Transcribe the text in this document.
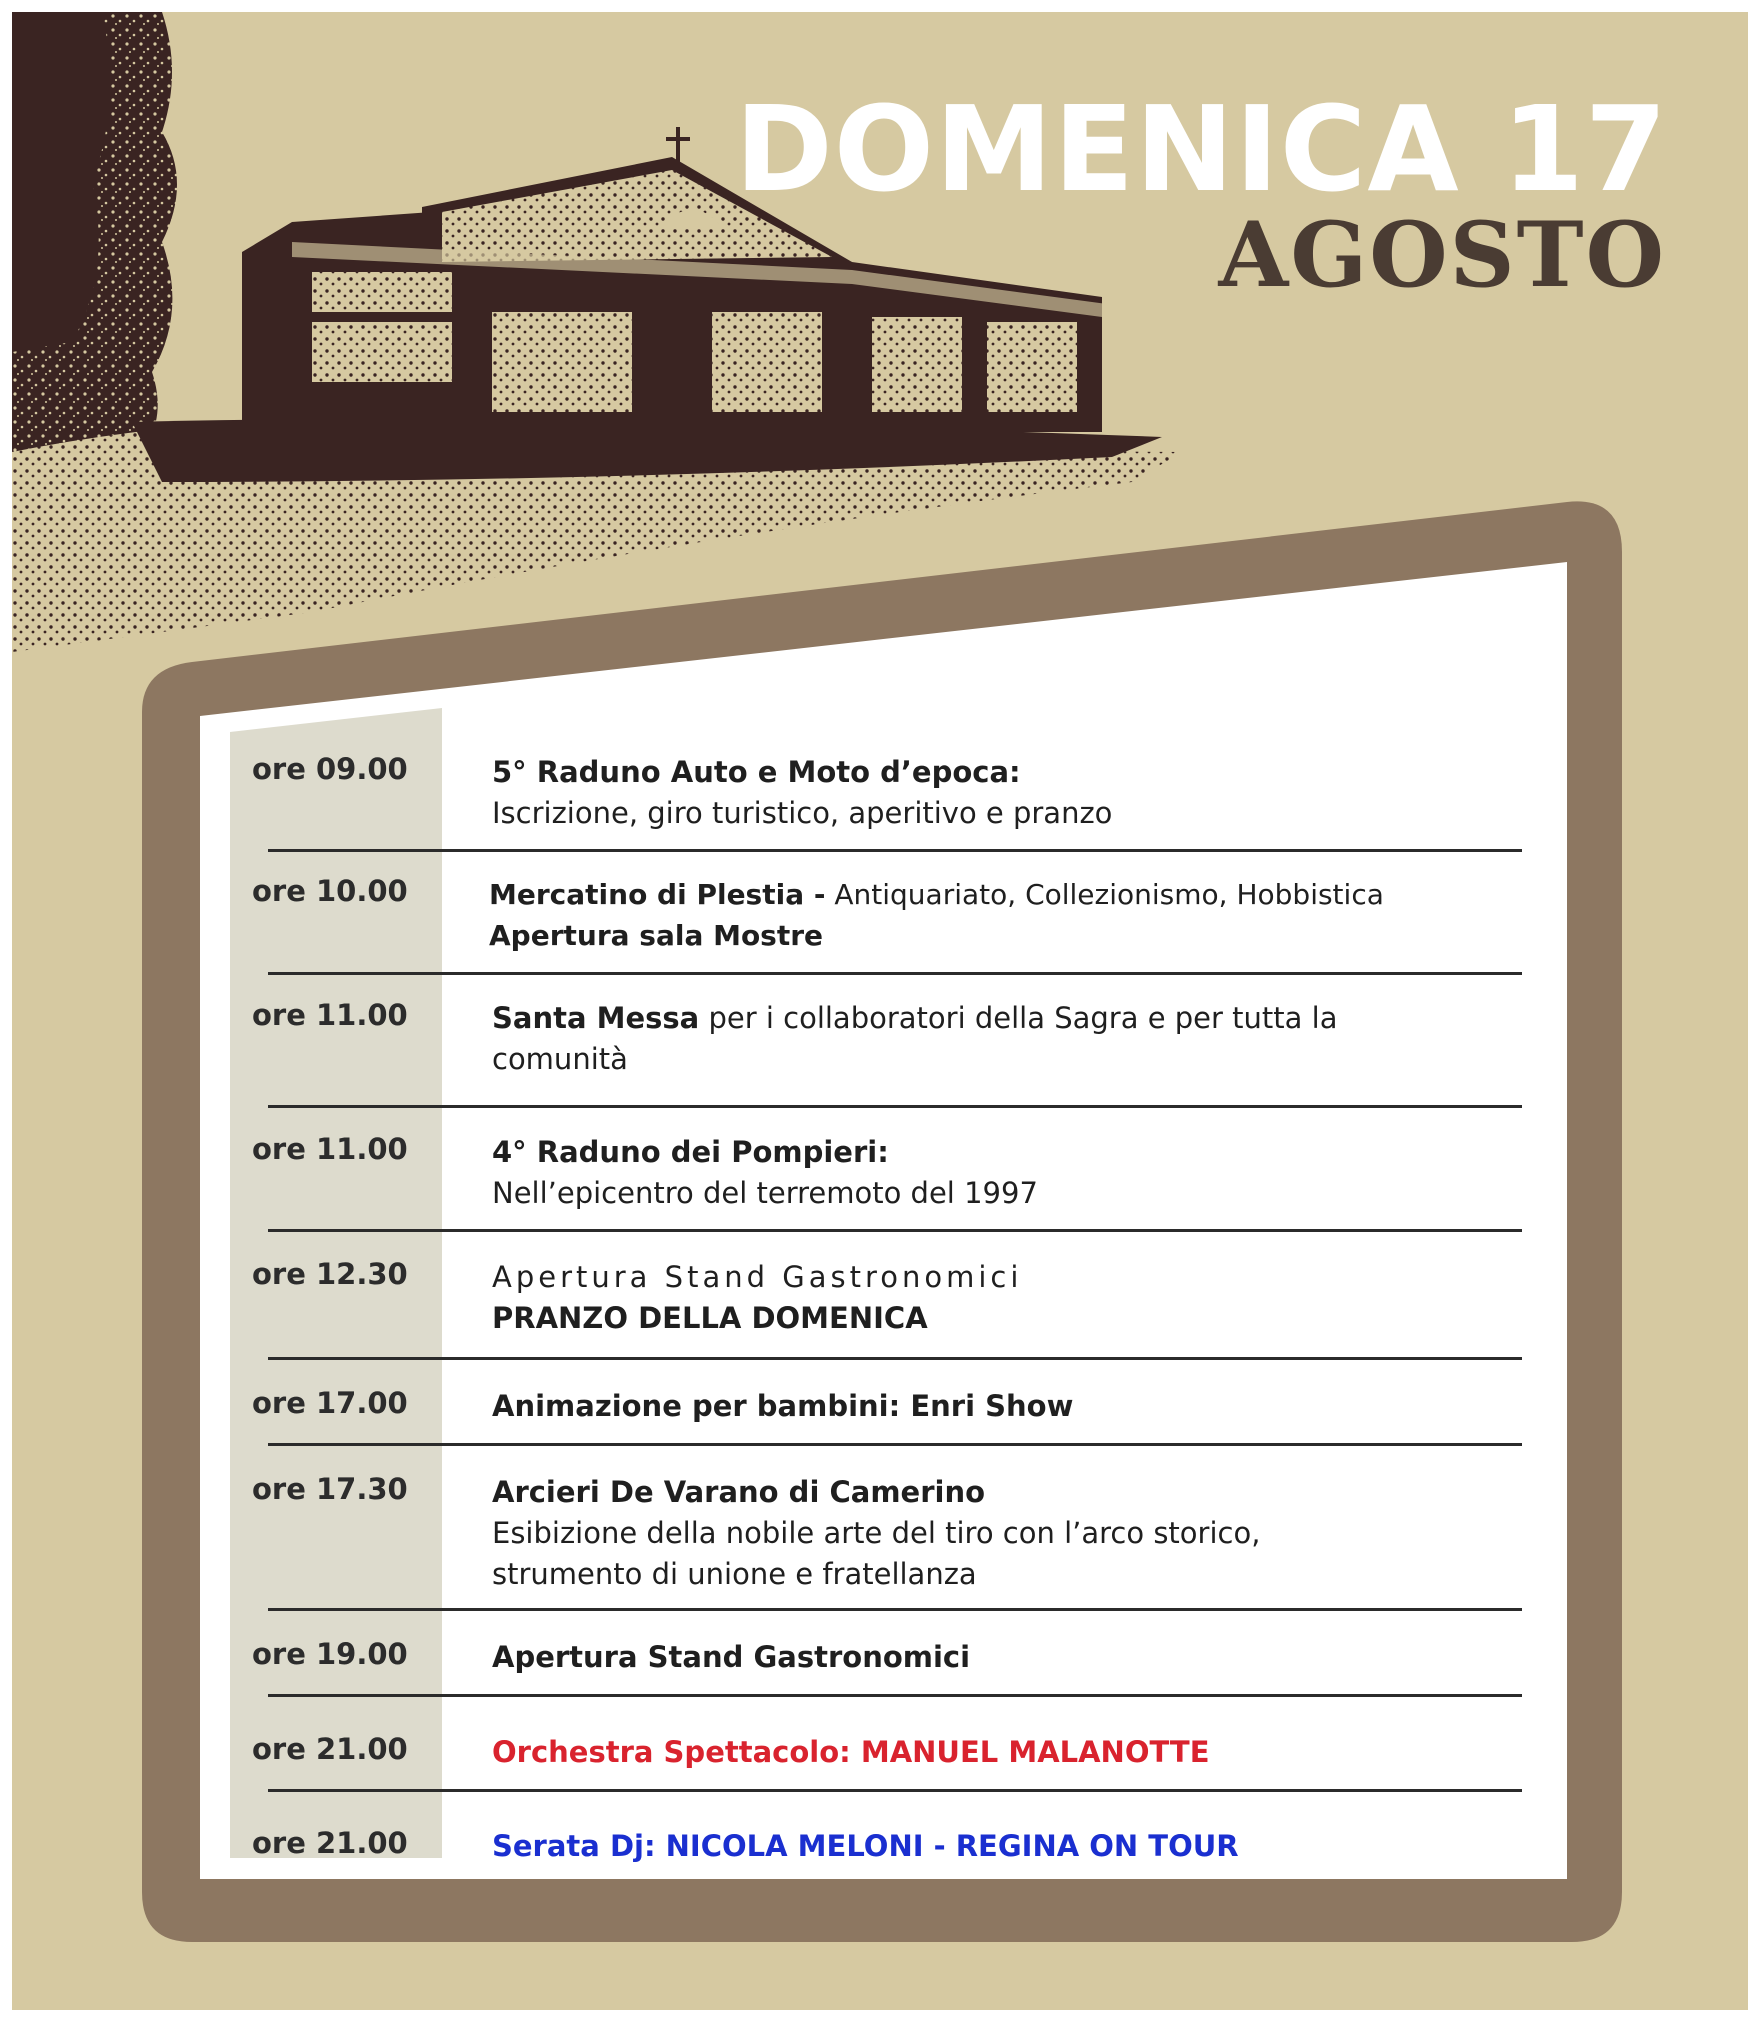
DOMENICA 17
AGOSTO
ore 09.00	5° Raduno Auto e Moto d’epoca:
Iscrizione, giro turistico, aperitivo e pranzo
ore 10.00	Mercatino di Plestia - Antiquariato, Collezionismo, Hobbistica
Apertura sala Mostre
ore 11.00	Santa Messa per i collaboratori della Sagra e per tutta la comunità
ore 11.00	4° Raduno dei Pompieri:
Nell’epicentro del terremoto del 1997
ore 12.30	Apertura Stand Gastronomici
PRANZO DELLA DOMENICA
ore 17.00	Animazione per bambini: Enri Show
ore 17.30	Arcieri De Varano di Camerino
Esibizione della nobile arte del tiro con l’arco storico, strumento di unione e fratellanza
ore 19.00	Apertura Stand Gastronomici
ore 21.00	Orchestra Spettacolo: MANUEL MALANOTTE
ore 21.00	Serata Dj: NICOLA MELONI - REGINA ON TOUR
